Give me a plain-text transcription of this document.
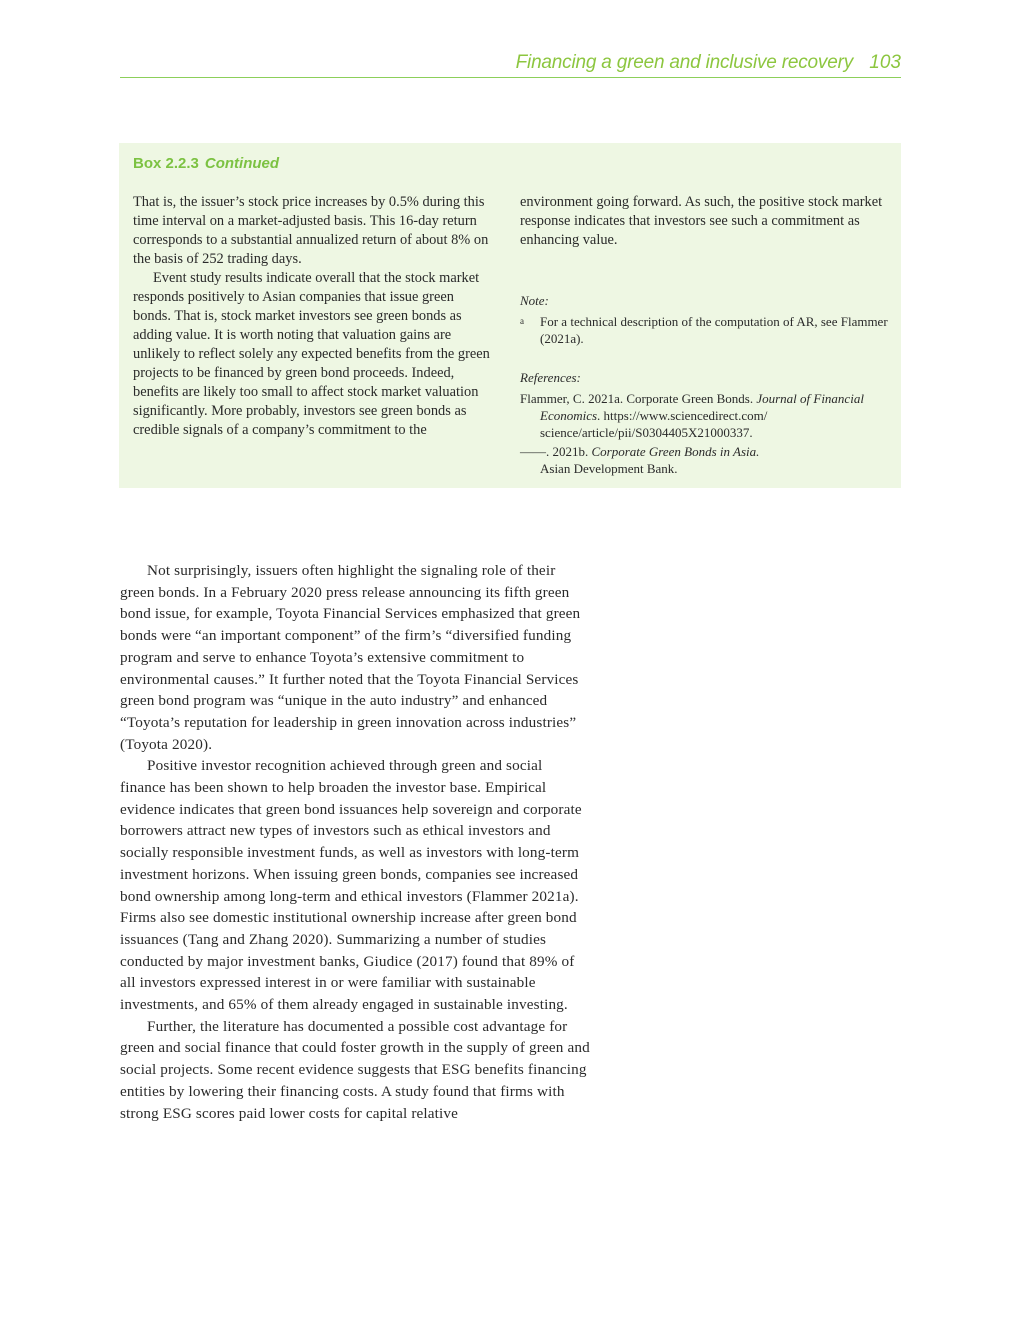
Financing a green and inclusive recovery 103
Box 2.2.3 Continued

That is, the issuer’s stock price increases by 0.5% during this time interval on a market-adjusted basis. This 16-day return corresponds to a substantial annualized return of about 8% on the basis of 252 trading days.

Event study results indicate overall that the stock market responds positively to Asian companies that issue green bonds. That is, stock market investors see green bonds as adding value. It is worth noting that valuation gains are unlikely to reflect solely any expected benefits from the green projects to be financed by green bond proceeds. Indeed, benefits are likely too small to affect stock market valuation significantly. More probably, investors see green bonds as credible signals of a company’s commitment to the

environment going forward. As such, the positive stock market response indicates that investors see such a commitment as enhancing value.

Note:
a	For a technical description of the computation of AR, see Flammer (2021a).
References:
Flammer, C. 2021a. Corporate Green Bonds. Journal of Financial Economics. https://www.sciencedirect.com/ science/article/pii/S0304405X21000337.
——. 2021b. Corporate Green Bonds in Asia.
Asian Development Bank.

Not surprisingly, issuers often highlight the signaling role of their green bonds. In a February 2020 press release announcing its fifth green bond issue, for example, Toyota Financial Services emphasized that green bonds were “an important component” of the firm’s “diversified funding program and serve to enhance Toyota’s extensive commitment to environmental causes.” It further noted that the Toyota Financial Services green bond program was “unique in the auto industry” and enhanced “Toyota’s reputation for leadership in green innovation across industries” (Toyota 2020).

Positive investor recognition achieved through green and social finance has been shown to help broaden the investor base. Empirical evidence indicates that green bond issuances help sovereign and corporate borrowers attract new types of investors such as ethical investors and socially responsible investment funds, as well as investors with long-term investment horizons. When issuing green bonds, companies see increased bond ownership among long-term and ethical investors (Flammer 2021a). Firms also see domestic institutional ownership increase after green bond issuances (Tang and Zhang 2020). Summarizing a number of studies conducted by major investment banks, Giudice (2017) found that 89% of all investors expressed interest in or were familiar with sustainable investments, and 65% of them already engaged in sustainable investing.

Further, the literature has documented a possible cost advantage for green and social finance that could foster growth in the supply of green and social projects. Some recent evidence suggests that ESG benefits financing entities by lowering their financing costs. A study found that firms with strong ESG scores paid lower costs for capital relative
